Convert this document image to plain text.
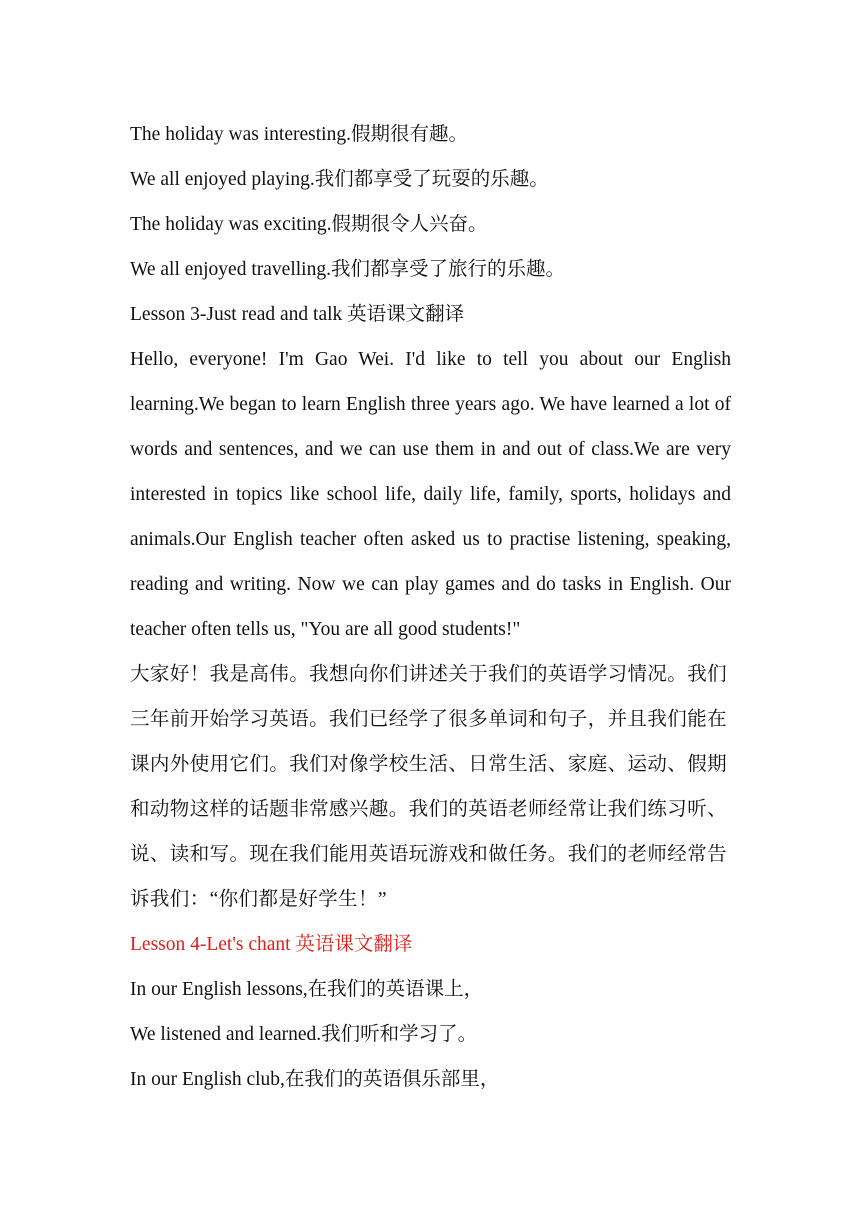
The holiday was interesting.假期很有趣。
We all enjoyed playing.我们都享受了玩耍的乐趣。
The holiday was exciting.假期很令人兴奋。
We all enjoyed travelling.我们都享受了旅行的乐趣。
Lesson 3-Just read and talk 英语课文翻译
Hello, everyone! I'm Gao Wei. I'd like to tell you about our English learning.We began to learn English three years ago. We have learned a lot of words and sentences, and we can use them in and out of class.We are very interested in topics like school life, daily life, family, sports, holidays and animals.Our English teacher often asked us to practise listening, speaking, reading and writing. Now we can play games and do tasks in English. Our teacher often tells us, "You are all good students!"
大家好！我是高伟。我想向你们讲述关于我们的英语学习情况。我们三年前开始学习英语。我们已经学了很多单词和句子，并且我们能在课内外使用它们。我们对像学校生活、日常生活、家庭、运动、假期和动物这样的话题非常感兴趣。我们的英语老师经常让我们练习听、说、读和写。现在我们能用英语玩游戏和做任务。我们的老师经常告诉我们：“你们都是好学生！”
Lesson 4-Let's chant 英语课文翻译
In our English lessons,在我们的英语课上，
We listened and learned.我们听和学习了。
In our English club,在我们的英语俱乐部里，
